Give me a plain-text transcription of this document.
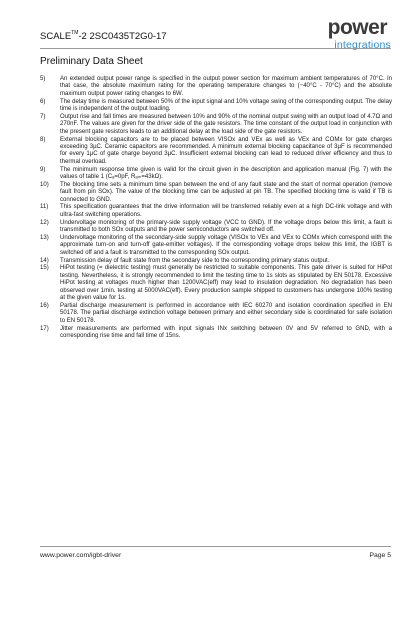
SCALE™-2 2SC0435T2G0-17	power
integrations
Preliminary Data Sheet
5)	An extended output power range is specified in the output power section for maximum ambient temperatures of 70°C. In that case, the absolute maximum rating for the operating temperature changes to (−40°C - 70°C) and the absolute maximum output power rating changes to 6W.
6)	The delay time is measured between 50% of the input signal and 10% voltage swing of the corresponding output. The delay time is independent of the output loading.
7)	Output rise and fall times are measured between 10% and 90% of the nominal output swing with an output load of 4.7Ω and 270nF. The values are given for the driver side of the gate resistors. The time constant of the output load in conjunction with the present gate resistors leads to an additional delay at the load side of the gate resistors.
8)	External blocking capacitors are to be placed between VISOx and VEx as well as VEx and COMx for gate charges exceeding 3µC. Ceramic capacitors are recommended. A minimum external blocking capacitance of 3µF is recommended for every 1µC of gate charge beyond 3µC. Insufficient external blocking can lead to reduced driver efficiency and thus to thermal overload.
9)	The minimum response time given is valid for the circuit given in the description and application manual (Fig. 7) with the values of table 1 (Cₐ=0pF, Rₐₘ=43kΩ).
10)	The blocking time sets a minimum time span between the end of any fault state and the start of normal operation (remove fault from pin SOx). The value of the blocking time can be adjusted at pin TB. The specified blocking time is valid if TB is connected to GND.
11)	This specification guarantees that the drive information will be transferred reliably even at a high DC-link voltage and with ultra-fast switching operations.
12)	Undervoltage monitoring of the primary-side supply voltage (VCC to GND). If the voltage drops below this limit, a fault is transmitted to both SOx outputs and the power semiconductors are switched off.
13)	Undervoltage monitoring of the secondary-side supply voltage (VISOx to VEx and VEx to COMx which correspond with the approximate turn-on and turn-off gate-emitter voltages). If the corresponding voltage drops below this limit, the IGBT is switched off and a fault is transmitted to the corresponding SOx output.
14)	Transmission delay of fault state from the secondary side to the corresponding primary status output.
15)	HiPot testing (= dielectric testing) must generally be restricted to suitable components. This gate driver is suited for HiPot testing. Nevertheless, it is strongly recommended to limit the testing time to 1s slots as stipulated by EN 50178. Excessive HiPot testing at voltages much higher than 1200VAC(eff) may lead to insulation degradation. No degradation has been observed over 1min. testing at 5000VAC(eff). Every production sample shipped to customers has undergone 100% testing at the given value for 1s.
16)	Partial discharge measurement is performed in accordance with IEC 60270 and isolation coordination specified in EN 50178. The partial discharge extinction voltage between primary and either secondary side is coordinated for safe isolation to EN 50178.
17)	Jitter measurements are performed with input signals INx switching between 0V and 5V referred to GND, with a corresponding rise time and fall time of 15ns.
www.power.com/igbt-driver	Page 5
